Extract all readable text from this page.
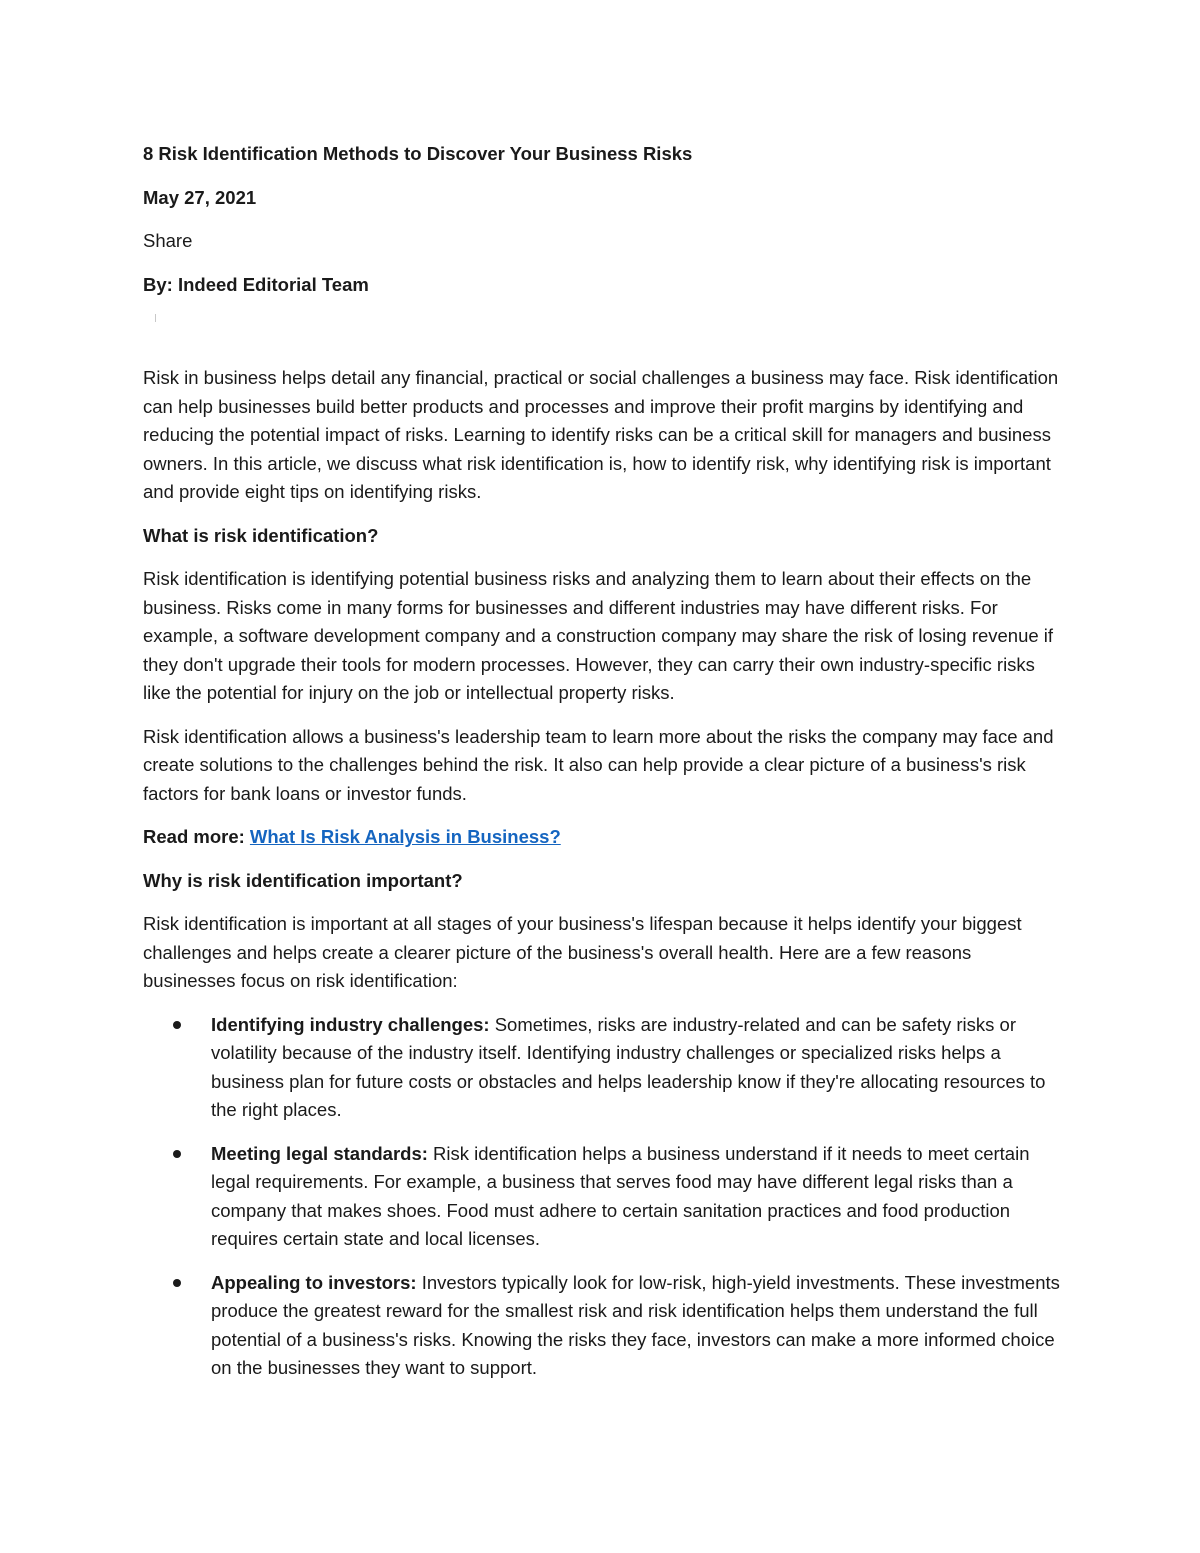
8 Risk Identification Methods to Discover Your Business Risks
May 27, 2021
Share
By: Indeed Editorial Team

Risk in business helps detail any financial, practical or social challenges a business may face. Risk identification can help businesses build better products and processes and improve their profit margins by identifying and reducing the potential impact of risks. Learning to identify risks can be a critical skill for managers and business owners. In this article, we discuss what risk identification is, how to identify risk, why identifying risk is important and provide eight tips on identifying risks.

What is risk identification?

Risk identification is identifying potential business risks and analyzing them to learn about their effects on the business. Risks come in many forms for businesses and different industries may have different risks. For example, a software development company and a construction company may share the risk of losing revenue if they don't upgrade their tools for modern processes. However, they can carry their own industry-specific risks like the potential for injury on the job or intellectual property risks.

Risk identification allows a business's leadership team to learn more about the risks the company may face and create solutions to the challenges behind the risk. It also can help provide a clear picture of a business's risk factors for bank loans or investor funds.

Read more: What Is Risk Analysis in Business?
Why is risk identification important?

Risk identification is important at all stages of your business's lifespan because it helps identify your biggest challenges and helps create a clearer picture of the business's overall health. Here are a few reasons businesses focus on risk identification:

Identifying industry challenges: Sometimes, risks are industry-related and can be safety risks or volatility because of the industry itself. Identifying industry challenges or specialized risks helps a business plan for future costs or obstacles and helps leadership know if they're allocating resources to the right places.
Meeting legal standards: Risk identification helps a business understand if it needs to meet certain legal requirements. For example, a business that serves food may have different legal risks than a company that makes shoes. Food must adhere to certain sanitation practices and food production requires certain state and local licenses.
Appealing to investors: Investors typically look for low-risk, high-yield investments. These investments produce the greatest reward for the smallest risk and risk identification helps them understand the full potential of a business's risks. Knowing the risks they face, investors can make a more informed choice on the businesses they want to support.
